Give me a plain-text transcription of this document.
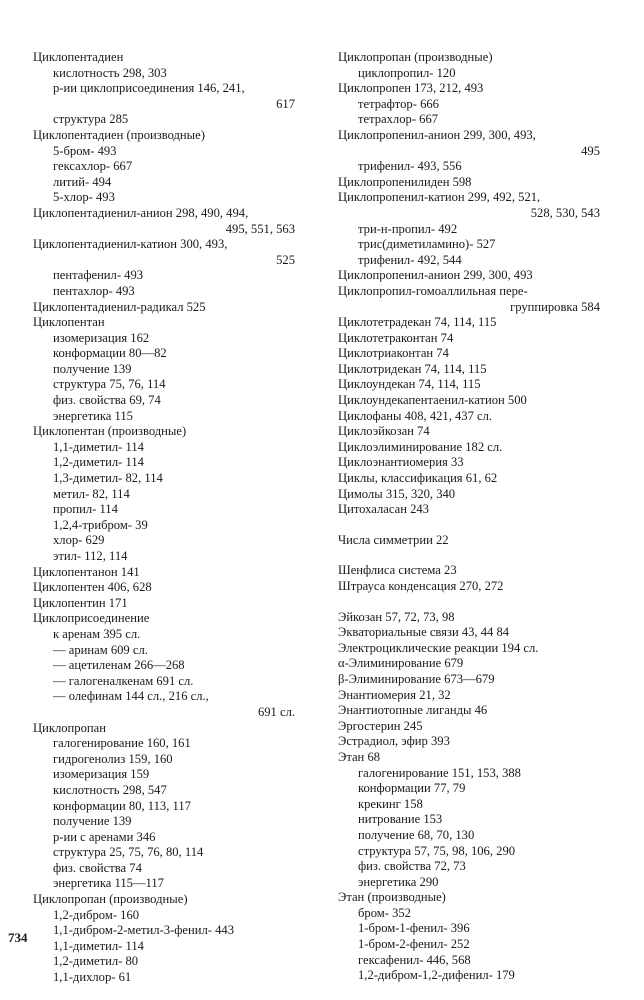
Циклопентадиен
кислотность 298, 303
р-ии циклоприсоединения 146, 241,
617
структура 285
Циклопентадиен (производные)
5-бром- 493
гексахлор- 667
литий- 494
5-хлор- 493
Циклопентадиенил-анион 298, 490, 494,
495, 551, 563
Циклопентадиенил-катион 300, 493,
525
пентафенил- 493
пентахлор- 493
Циклопентадиенил-радикал 525
Циклопентан
изомеризация 162
конформации 80—82
получение 139
структура 75, 76, 114
физ. свойства 69, 74
энергетика 115
Циклопентан (производные)
1,1-диметил- 114
1,2-диметил- 114
1,3-диметил- 82, 114
метил- 82, 114
пропил- 114
1,2,4-трибром- 39
хлор- 629
этил- 112, 114
Циклопентанон 141
Циклопентен 406, 628
Циклопентин 171
Циклоприсоединение
к аренам 395 сл.
— аринам 609 сл.
— ацетиленам 266—268
— галогеналкенам 691 сл.
— олефинам 144 сл., 216 сл.,
691 сл.
Циклопропан
галогенирование 160, 161
гидрогенолиз 159, 160
изомеризация 159
кислотность 298, 547
конформации 80, 113, 117
получение 139
р-ии с аренами 346
структура 25, 75, 76, 80, 114
физ. свойства 74
энергетика 115—117
Циклопропан (производные)
1,2-дибром- 160
1,1-дибром-2-метил-3-фенил- 443
1,1-диметил- 114
1,2-диметил- 80
1,1-дихлор- 61
Циклопропан (производные)
циклопропил- 120
Циклопропен 173, 212, 493
тетрафтор- 666
тетрахлор- 667
Циклопропенил-анион 299, 300, 493,
495
трифенил- 493, 556
Циклопропенилиден 598
Циклопропенил-катион 299, 492, 521,
528, 530, 543
три-н-пропил- 492
трис(диметиламино)- 527
трифенил- 492, 544
Циклопропенил-анион 299, 300, 493
Циклопропил-гомоаллильная пере-
группировка 584
Циклотетрадекан 74, 114, 115
Циклотетраконтан 74
Циклотриаконтан 74
Циклотридекан 74, 114, 115
Циклоундекан 74, 114, 115
Циклоундекапентаенил-катион 500
Циклофаны 408, 421, 437 сл.
Циклоэйкозан 74
Циклоэлиминирование 182 сл.
Циклоэнантиомерия 33
Циклы, классификация 61, 62
Цимолы 315, 320, 340
Цитохаласан 243
Числа симметрии 22
Шенфлиса система 23
Штрауса конденсация 270, 272
Эйкозан 57, 72, 73, 98
Экваториальные связи 43, 44 84
Электроциклические реакции 194 сл.
α-Элиминирование 679
β-Элиминирование 673—679
Энантиомерия 21, 32
Энантиотопные лиганды 46
Эргостерин 245
Эстрадиол, эфир 393
Этан 68
галогенирование 151, 153, 388
конформации 77, 79
крекинг 158
нитрование 153
получение 68, 70, 130
структура 57, 75, 98, 106, 290
физ. свойства 72, 73
энергетика 290
Этан (производные)
бром- 352
1-бром-1-фенил- 396
1-бром-2-фенил- 252
гексафенил- 446, 568
1,2-дибром-1,2-дифенил- 179
734
